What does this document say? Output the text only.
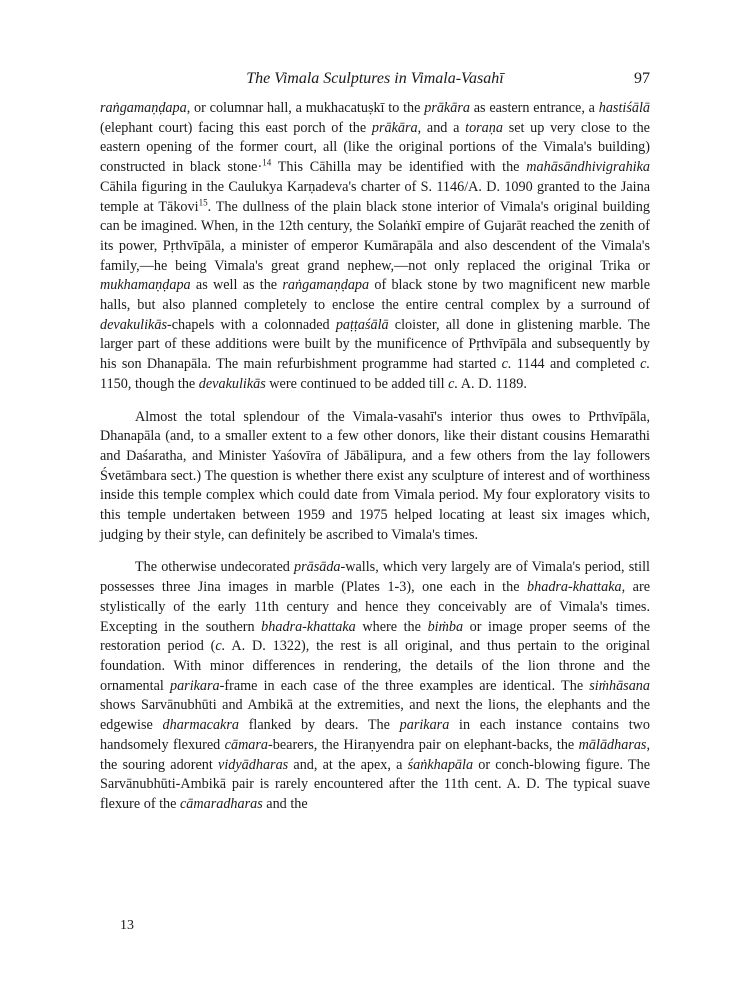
The Vimala Sculptures in Vimala-Vasahī	97

raṅgamaṇḍapa, or columnar hall, a mukhacatuṣkī to the prākāra as eastern entrance, a hastiśālā (elephant court) facing this east porch of the prākāra, and a toraṇa set up very close to the eastern opening of the former court, all (like the original portions of the Vimala's building) constructed in black stone·$^{14}$ This Cāhilla may be identified with the mahāsāndhivigrahika Cāhila figuring in the Caulukya Karṇadeva's charter of S. 1146/A. D. 1090 granted to the Jaina temple at Tākovi$^{15}$. The dullness of the plain black stone interior of Vimala's original building can be imagined. When, in the 12th century, the Solaṅkī empire of Gujarāt reached the zenith of its power, Pṛthvīpāla, a minister of emperor Kumārapāla and also descendent of the Vimala's family,—he being Vimala's great grand nephew,—not only replaced the original Trika or mukhamaṇḍapa as well as the raṅgamaṇḍapa of black stone by two magnificent new marble halls, but also planned completely to enclose the entire central complex by a surround of devakulikās-chapels with a colonnaded paṭṭaśālā cloister, all done in glistening marble. The larger part of these additions were built by the munificence of Pṛthvīpāla and subsequently by his son Dhanapāla. The main refurbishment programme had started c. 1144 and completed c. 1150, though the devakulikās were continued to be added till c. A. D. 1189.

Almost the total splendour of the Vimala-vasahī's interior thus owes to Prthvīpāla, Dhanapāla (and, to a smaller extent to a few other donors, like their distant cousins Hemarathi and Daśaratha, and Minister Yaśovīra of Jābālipura, and a few others from the lay followers Śvetāmbara sect.) The question is whether there exist any sculpture of interest and of worthiness inside this temple complex which could date from Vimala period. My four exploratory visits to this temple undertaken between 1959 and 1975 helped locating at least six images which, judging by their style, can definitely be ascribed to Vimala's times.

The otherwise undecorated prāsāda-walls, which very largely are of Vimala's period, still possesses three Jina images in marble (Plates 1-3), one each in the bhadra-khattaka, are stylistically of the early 11th century and hence they conceivably are of Vimala's times. Excepting in the southern bhadra-khattaka where the biṁba or image proper seems of the restoration period (c. A. D. 1322), the rest is all original, and thus pertain to the original foundation. With minor differences in rendering, the details of the lion throne and the ornamental parikara-frame in each case of the three examples are identical. The siṁhāsana shows Sarvānubhūti and Ambikā at the extremities, and next the lions, the elephants and the edgewise dharmacakra flanked by dears. The parikara in each instance contains two handsomely flexured cāmara-bearers, the Hiraṇyendra pair on elephant-backs, the mālādharas, the souring adorent vidyādharas and, at the apex, a śaṅkhapāla or conch-blowing figure. The Sarvānubhūti-Ambikā pair is rarely encountered after the 11th cent. A. D. The typical suave flexure of the cāmaradharas and the

13
